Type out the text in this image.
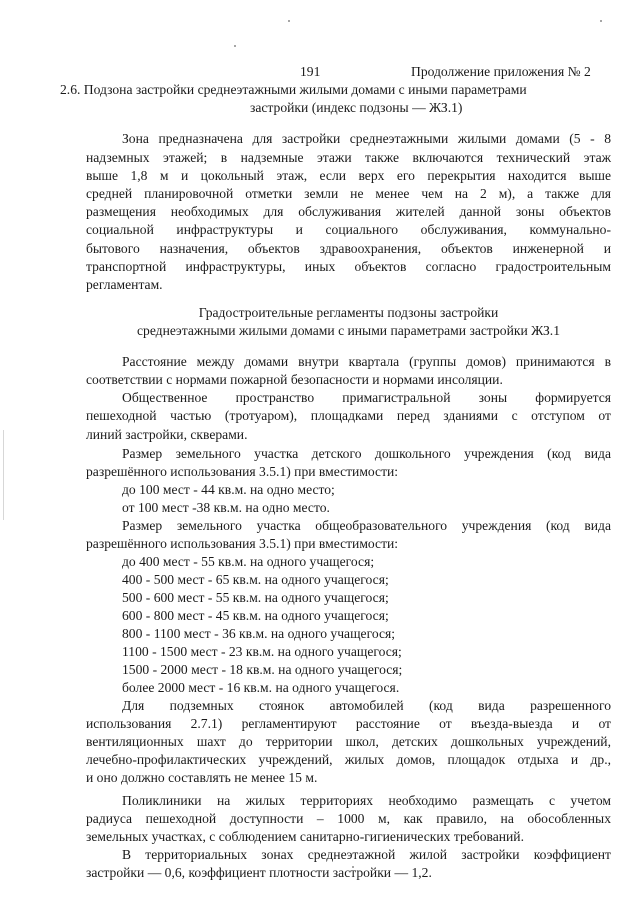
191	Продолжение приложения № 2
2.6. Подзона застройки среднеэтажными жилыми домами с иными параметрами
застройки (индекс подзоны — ЖЗ.1)
Зона предназначена для застройки среднеэтажными жилыми домами (5 - 8
надземных этажей; в надземные этажи также включаются технический этаж
выше 1,8 м и цокольный этаж, если верх его перекрытия находится выше
средней планировочной отметки земли не менее чем на 2 м), а также для
размещения необходимых для обслуживания жителей данной зоны объектов
социальной инфраструктуры и социального обслуживания, коммунально-
бытового назначения, объектов здравоохранения, объектов инженерной и
транспортной инфраструктуры, иных объектов согласно градостроительным
регламентам.
Градостроительные регламенты подзоны застройки
среднеэтажными жилыми домами с иными параметрами застройки ЖЗ.1
Расстояние между домами внутри квартала (группы домов) принимаются в
соответствии с нормами пожарной безопасности и нормами инсоляции.
Общественное пространство примагистральной зоны формируется
пешеходной частью (тротуаром), площадками перед зданиями с отступом от
линий застройки, скверами.
Размер земельного участка детского дошкольного учреждения (код вида
разрешённого использования 3.5.1) при вместимости:
до 100 мест - 44 кв.м. на одно место;
от 100 мест -38 кв.м. на одно место.
Размер земельного участка общеобразовательного учреждения (код вида
разрешённого использования 3.5.1) при вместимости:
до 400 мест - 55 кв.м. на одного учащегося;
400 - 500 мест - 65 кв.м. на одного учащегося;
500 - 600 мест - 55 кв.м. на одного учащегося;
600 - 800 мест - 45 кв.м. на одного учащегося;
800 - 1100 мест - 36 кв.м. на одного учащегося;
1100 - 1500 мест - 23 кв.м. на одного учащегося;
1500 - 2000 мест - 18 кв.м. на одного учащегося;
более 2000 мест - 16 кв.м. на одного учащегося.
Для подземных стоянок автомобилей (код вида разрешенного
использования 2.7.1) регламентируют расстояние от въезда-выезда и от
вентиляционных шахт до территории школ, детских дошкольных учреждений,
лечебно-профилактических учреждений, жилых домов, площадок отдыха и др.,
и оно должно составлять не менее 15 м.
Поликлиники на жилых территориях необходимо размещать с учетом
радиуса пешеходной доступности – 1000 м, как правило, на обособленных
земельных участках, с соблюдением санитарно-гигиенических требований.
В территориальных зонах среднеэтажной жилой застройки коэффициент
застройки — 0,6, коэффициент плотности застройки — 1,2.
